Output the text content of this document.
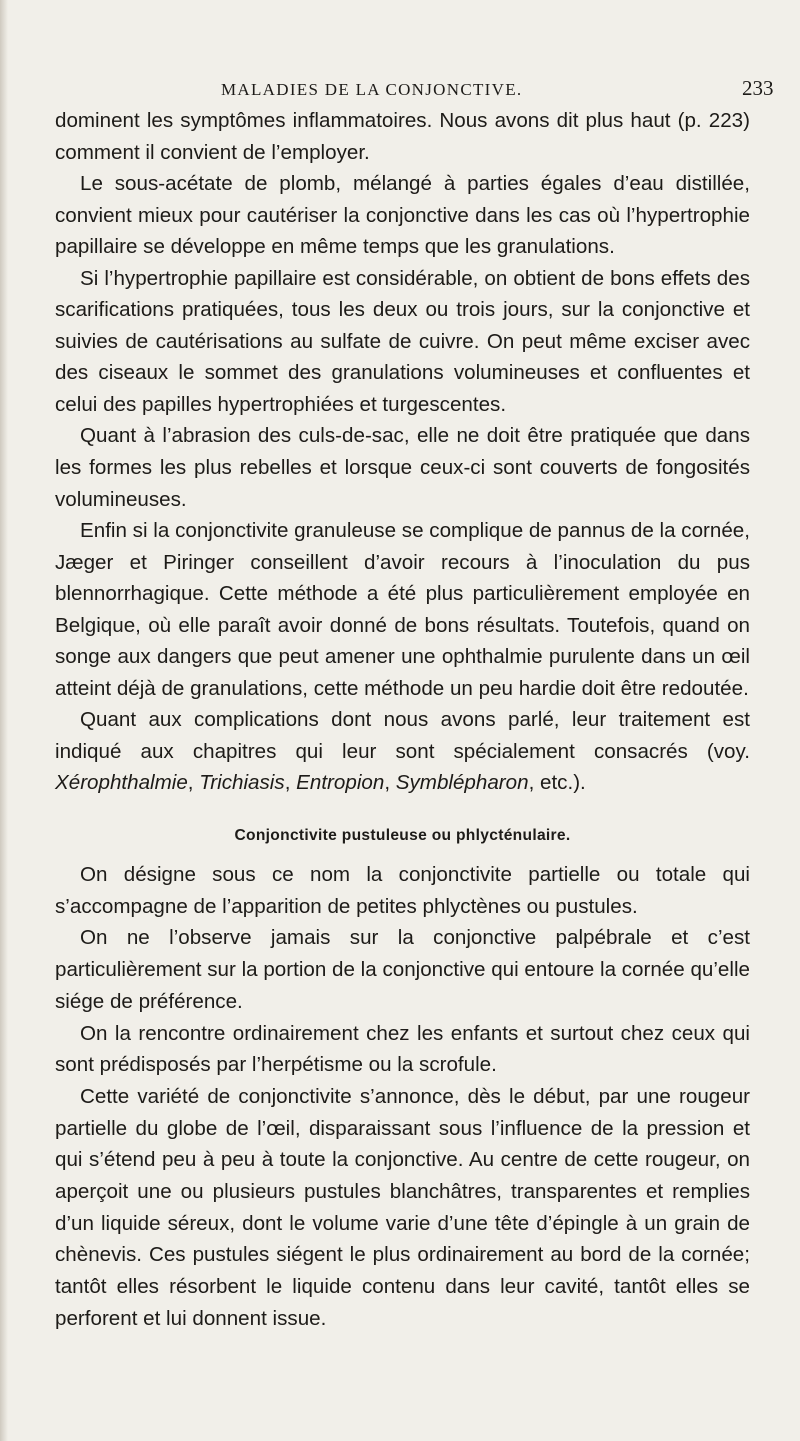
MALADIES DE LA CONJONCTIVE.	233

dominent les symptômes inflammatoires. Nous avons dit plus haut (p. 223) comment il convient de l’employer.

Le sous-acétate de plomb, mélangé à parties égales d’eau distillée, convient mieux pour cautériser la conjonctive dans les cas où l’hypertrophie papillaire se développe en même temps que les granulations.

Si l’hypertrophie papillaire est considérable, on obtient de bons effets des scarifications pratiquées, tous les deux ou trois jours, sur la conjonctive et suivies de cautérisations au sulfate de cuivre. On peut même exciser avec des ciseaux le sommet des granulations volumineuses et confluentes et celui des papilles hypertrophiées et turgescentes.

Quant à l’abrasion des culs-de-sac, elle ne doit être pratiquée que dans les formes les plus rebelles et lorsque ceux-ci sont couverts de fongosités volumineuses.

Enfin si la conjonctivite granuleuse se complique de pannus de la cornée, Jæger et Piringer conseillent d’avoir recours à l’inoculation du pus blennorrhagique. Cette méthode a été plus particulièrement employée en Belgique, où elle paraît avoir donné de bons résultats. Toutefois, quand on songe aux dangers que peut amener une ophthalmie purulente dans un œil atteint déjà de granulations, cette méthode un peu hardie doit être redoutée.

Quant aux complications dont nous avons parlé, leur traitement est indiqué aux chapitres qui leur sont spécialement consacrés (voy. Xérophthalmie, Trichiasis, Entropion, Symblépharon, etc.).

Conjonctivite pustuleuse ou phlycténulaire.

On désigne sous ce nom la conjonctivite partielle ou totale qui s’accompagne de l’apparition de petites phlyctènes ou pustules.

On ne l’observe jamais sur la conjonctive palpébrale et c’est particulièrement sur la portion de la conjonctive qui entoure la cornée qu’elle siége de préférence.

On la rencontre ordinairement chez les enfants et surtout chez ceux qui sont prédisposés par l’herpétisme ou la scrofule.

Cette variété de conjonctivite s’annonce, dès le début, par une rougeur partielle du globe de l’œil, disparaissant sous l’influence de la pression et qui s’étend peu à peu à toute la conjonctive. Au centre de cette rougeur, on aperçoit une ou plusieurs pustules blanchâtres, transparentes et remplies d’un liquide séreux, dont le volume varie d’une tête d’épingle à un grain de chènevis. Ces pustules siégent le plus ordinairement au bord de la cornée; tantôt elles résorbent le liquide contenu dans leur cavité, tantôt elles se perforent et lui donnent issue.
